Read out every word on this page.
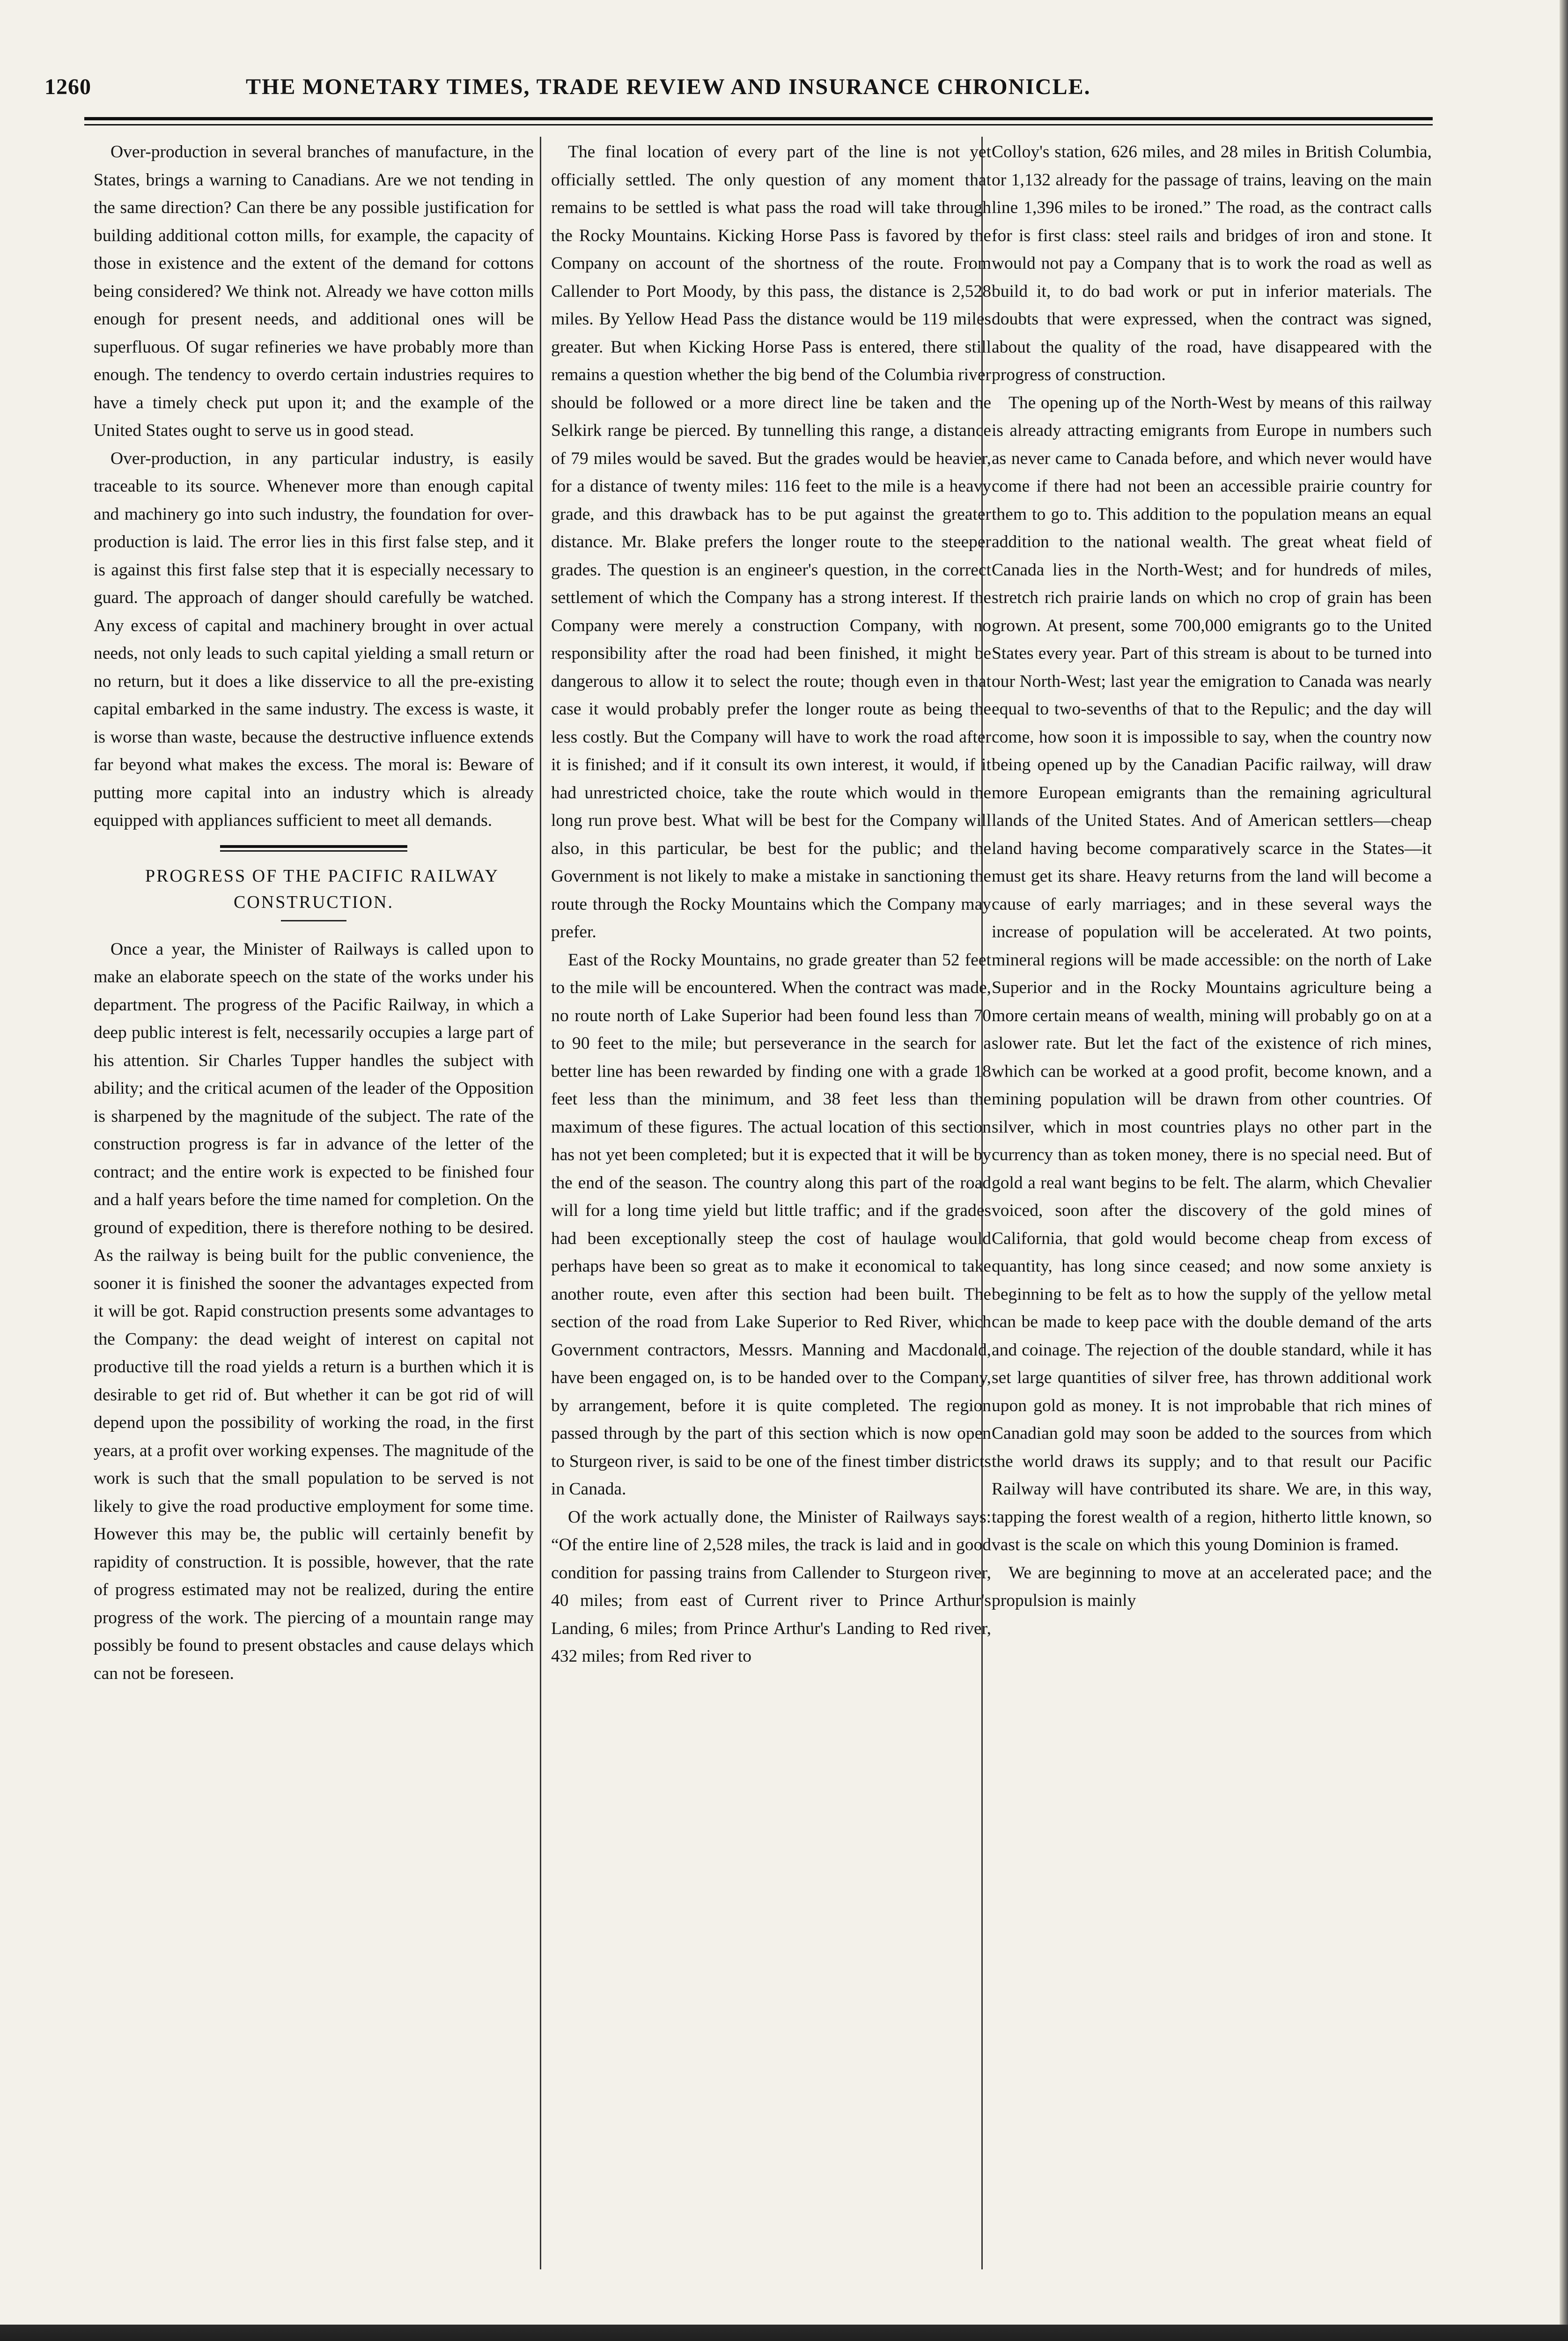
1260	THE MONETARY TIMES, TRADE REVIEW AND INSURANCE CHRONICLE.

Over-production in several branches of manufacture, in the States, brings a warning to Canadians. Are we not tending in the same direction? Can there be any possible justification for building additional cotton mills, for example, the capacity of those in existence and the extent of the demand for cottons being considered? We think not. Already we have cotton mills enough for present needs, and additional ones will be superfluous. Of sugar refineries we have probably more than enough. The tendency to overdo certain industries requires to have a timely check put upon it; and the example of the United States ought to serve us in good stead.

Over-production, in any particular industry, is easily traceable to its source. Whenever more than enough capital and machinery go into such industry, the foundation for over-production is laid. The error lies in this first false step, and it is against this first false step that it is especially necessary to guard. The approach of danger should carefully be watched. Any excess of capital and machinery brought in over actual needs, not only leads to such capital yielding a small return or no return, but it does a like disservice to all the pre-existing capital embarked in the same industry. The excess is waste, it is worse than waste, because the destructive influence extends far beyond what makes the excess. The moral is: Beware of putting more capital into an industry which is already equipped with appliances sufficient to meet all demands.

PROGRESS OF THE PACIFIC RAILWAY CONSTRUCTION.

Once a year, the Minister of Railways is called upon to make an elaborate speech on the state of the works under his department. The progress of the Pacific Railway, in which a deep public interest is felt, necessarily occupies a large part of his attention. Sir Charles Tupper handles the subject with ability; and the critical acumen of the leader of the Opposition is sharpened by the magnitude of the subject. The rate of the construction progress is far in advance of the letter of the contract; and the entire work is expected to be finished four and a half years before the time named for completion. On the ground of expedition, there is therefore nothing to be desired. As the railway is being built for the public convenience, the sooner it is finished the sooner the advantages expected from it will be got. Rapid construction presents some advantages to the Company: the dead weight of interest on capital not productive till the road yields a return is a burthen which it is desirable to get rid of. But whether it can be got rid of will depend upon the possibility of working the road, in the first years, at a profit over working expenses. The magnitude of the work is such that the small population to be served is not likely to give the road productive employment for some time. However this may be, the public will certainly benefit by rapidity of construction. It is possible, however, that the rate of progress estimated may not be realized, during the entire progress of the work. The piercing of a mountain range may possibly be found to present obstacles and cause delays which can not be foreseen.

The final location of every part of the line is not yet officially settled. The only question of any moment that remains to be settled is what pass the road will take through the Rocky Mountains. Kicking Horse Pass is favored by the Company on account of the shortness of the route. From Callender to Port Moody, by this pass, the distance is 2,528 miles. By Yellow Head Pass the distance would be 119 miles greater. But when Kicking Horse Pass is entered, there still remains a question whether the big bend of the Columbia river should be followed or a more direct line be taken and the Selkirk range be pierced. By tunnelling this range, a distance of 79 miles would be saved. But the grades would be heavier, for a distance of twenty miles: 116 feet to the mile is a heavy grade, and this drawback has to be put against the greater distance. Mr. Blake prefers the longer route to the steeper grades. The question is an engineer's question, in the correct settlement of which the Company has a strong interest. If the Company were merely a construction Company, with no responsibility after the road had been finished, it might be dangerous to allow it to select the route; though even in that case it would probably prefer the longer route as being the less costly. But the Company will have to work the road after it is finished; and if it consult its own interest, it would, if it had unrestricted choice, take the route which would in the long run prove best. What will be best for the Company will also, in this particular, be best for the public; and the Government is not likely to make a mistake in sanctioning the route through the Rocky Mountains which the Company may prefer.

East of the Rocky Mountains, no grade greater than 52 feet to the mile will be encountered. When the contract was made, no route north of Lake Superior had been found less than 70 to 90 feet to the mile; but perseverance in the search for a better line has been rewarded by finding one with a grade 18 feet less than the minimum, and 38 feet less than the maximum of these figures. The actual location of this section has not yet been completed; but it is expected that it will be by the end of the season. The country along this part of the road will for a long time yield but little traffic; and if the grades had been exceptionally steep the cost of haulage would perhaps have been so great as to make it economical to take another route, even after this section had been built. The section of the road from Lake Superior to Red River, which Government contractors, Messrs. Manning and Macdonald, have been engaged on, is to be handed over to the Company, by arrangement, before it is quite completed. The region passed through by the part of this section which is now open to Sturgeon river, is said to be one of the finest timber districts in Canada.

Of the work actually done, the Minister of Railways says: “Of the entire line of 2,528 miles, the track is laid and in good condition for passing trains from Callender to Sturgeon river, 40 miles; from east of Current river to Prince Arthur's Landing, 6 miles; from Prince Arthur's Landing to Red river, 432 miles; from Red river to

Colloy's station, 626 miles, and 28 miles in British Columbia, or 1,132 already for the passage of trains, leaving on the main line 1,396 miles to be ironed.” The road, as the contract calls for is first class: steel rails and bridges of iron and stone. It would not pay a Company that is to work the road as well as build it, to do bad work or put in inferior materials. The doubts that were expressed, when the contract was signed, about the quality of the road, have disappeared with the progress of construction.

The opening up of the North-West by means of this railway is already attracting emigrants from Europe in numbers such as never came to Canada before, and which never would have come if there had not been an accessible prairie country for them to go to. This addition to the population means an equal addition to the national wealth. The great wheat field of Canada lies in the North-West; and for hundreds of miles, stretch rich prairie lands on which no crop of grain has been grown. At present, some 700,000 emigrants go to the United States every year. Part of this stream is about to be turned into our North-West; last year the emigration to Canada was nearly equal to two-sevenths of that to the Repulic; and the day will come, how soon it is impossible to say, when the country now being opened up by the Canadian Pacific railway, will draw more European emigrants than the remaining agricultural lands of the United States. And of American settlers—cheap land having become comparatively scarce in the States—it must get its share. Heavy returns from the land will become a cause of early marriages; and in these several ways the increase of population will be accelerated. At two points, mineral regions will be made accessible: on the north of Lake Superior and in the Rocky Mountains agriculture being a more certain means of wealth, mining will probably go on at a slower rate. But let the fact of the existence of rich mines, which can be worked at a good profit, become known, and a mining population will be drawn from other countries. Of silver, which in most countries plays no other part in the currency than as token money, there is no special need. But of gold a real want begins to be felt. The alarm, which Chevalier voiced, soon after the discovery of the gold mines of California, that gold would become cheap from excess of quantity, has long since ceased; and now some anxiety is beginning to be felt as to how the supply of the yellow metal can be made to keep pace with the double demand of the arts and coinage. The rejection of the double standard, while it has set large quantities of silver free, has thrown additional work upon gold as money. It is not improbable that rich mines of Canadian gold may soon be added to the sources from which the world draws its supply; and to that result our Pacific Railway will have contributed its share. We are, in this way, tapping the forest wealth of a region, hitherto little known, so vast is the scale on which this young Dominion is framed.

We are beginning to move at an accelerated pace; and the propulsion is mainly
